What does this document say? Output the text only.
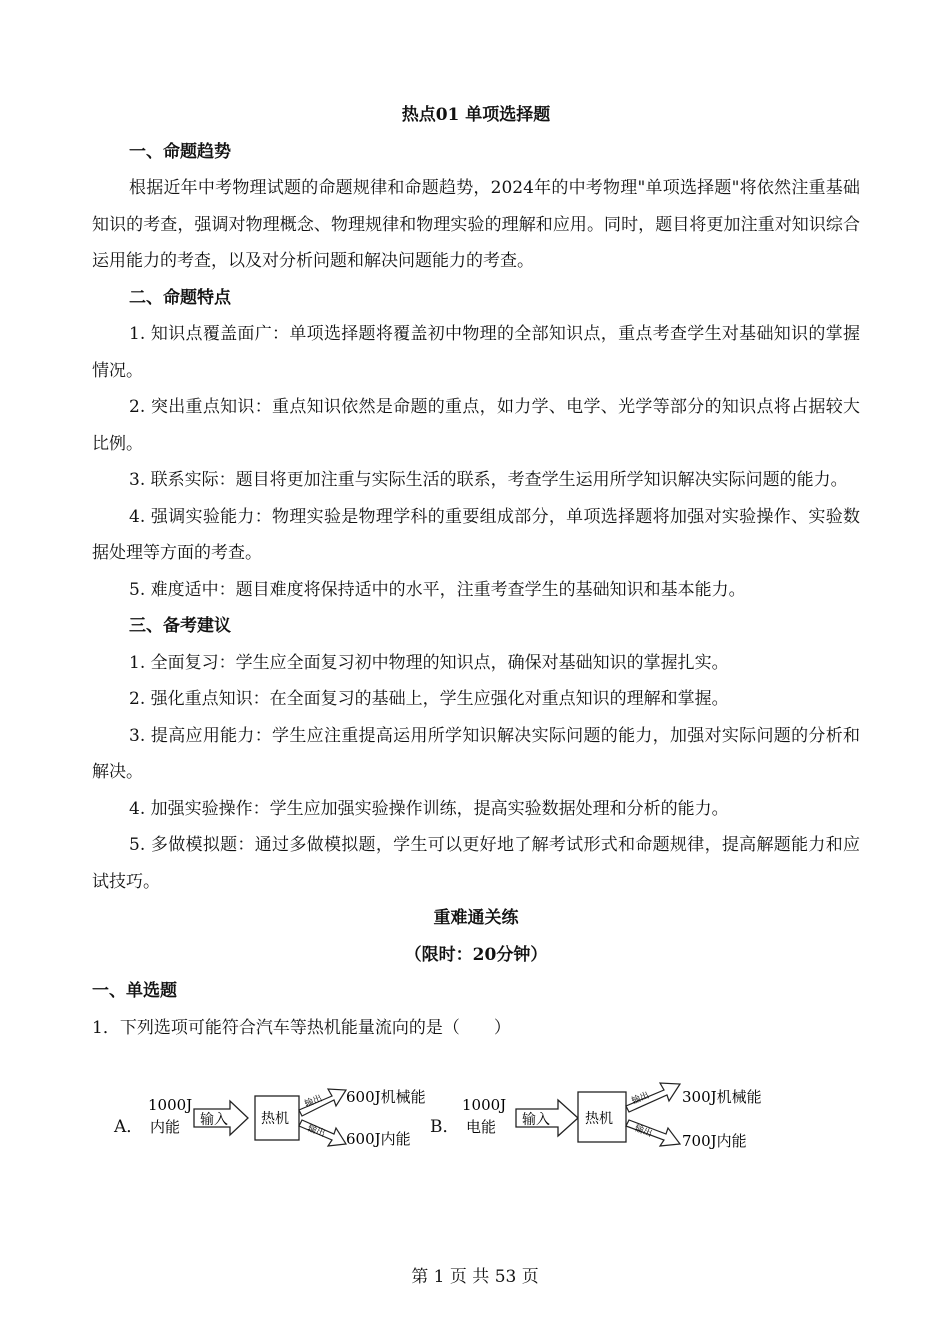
热点01 单项选择题

一、命题趋势

根据近年中考物理试题的命题规律和命题趋势，2024年的中考物理"单项选择题"将依然注重基础知识的考查，强调对物理概念、物理规律和物理实验的理解和应用。同时，题目将更加注重对知识综合运用能力的考查，以及对分析问题和解决问题能力的考查。

二、命题特点

1. 知识点覆盖面广：单项选择题将覆盖初中物理的全部知识点，重点考查学生对基础知识的掌握情况。

2. 突出重点知识：重点知识依然是命题的重点，如力学、电学、光学等部分的知识点将占据较大比例。

3. 联系实际：题目将更加注重与实际生活的联系，考查学生运用所学知识解决实际问题的能力。

4. 强调实验能力：物理实验是物理学科的重要组成部分，单项选择题将加强对实验操作、实验数据处理等方面的考查。

5. 难度适中：题目难度将保持适中的水平，注重考查学生的基础知识和基本能力。

三、备考建议

1. 全面复习：学生应全面复习初中物理的知识点，确保对基础知识的掌握扎实。

2. 强化重点知识：在全面复习的基础上，学生应强化对重点知识的理解和掌握。

3. 提高应用能力：学生应注重提高运用所学知识解决实际问题的能力，加强对实际问题的分析和解决。

4. 加强实验操作：学生应加强实验操作训练，提高实验数据处理和分析的能力。

5. 多做模拟题：通过多做模拟题，学生可以更好地了解考试形式和命题规律，提高解题能力和应试技巧。

重难通关练

（限时：20分钟）

一、单选题

1．下列选项可能符合汽车等热机能量流向的是（　　）

A．
1000J
内能 输入 热机
输出
输出
600J机械能
600J内能
B．
1000J
电能 输入	热机
输出
输出
300J机械能
700J内能
第 1 页 共 53 页
